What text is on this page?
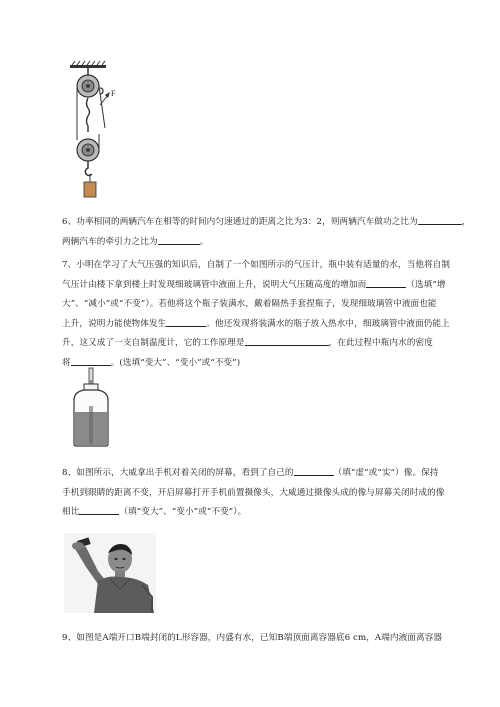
F

6、功率相同的两辆汽车在相等的时间内匀速通过的距离之比为3：2，则两辆汽车做功之比为	，

两辆汽车的牵引力之比为	。

7、小明在学习了大气压强的知识后，自制了一个如图所示的气压计，瓶中装有适量的水，当他将自制

气压计由楼下拿到楼上时发现细玻璃管中液面上升，说明大气压随高度的增加而	（选填“增

大”、“减小”或“不变”）。若他将这个瓶子装满水，戴着隔热手套捏瓶子，发现细玻璃管中液面也能

上升，说明力能使物体发生	。他还发现将装满水的瓶子放入热水中，细玻璃管中液面仍能上

升，这又成了一支自制温度计，它的工作原理是	，在此过程中瓶内水的密度

将	。(选填“变大”、“变小”或“不变”)

8、如图所示，大威拿出手机对着关闭的屏幕，看到了自己的	（填“虚”或“实”）像。保持

手机到眼睛的距离不变，开启屏幕打开手机前置摄像头，大威通过摄像头成的像与屏幕关闭时成的像

相比	（填“变大”、“变小”或“不变”）。

9、如图是A端开口B端封闭的L形容器，内盛有水，已知B端顶面离容器底6 cm，A端内液面离容器
